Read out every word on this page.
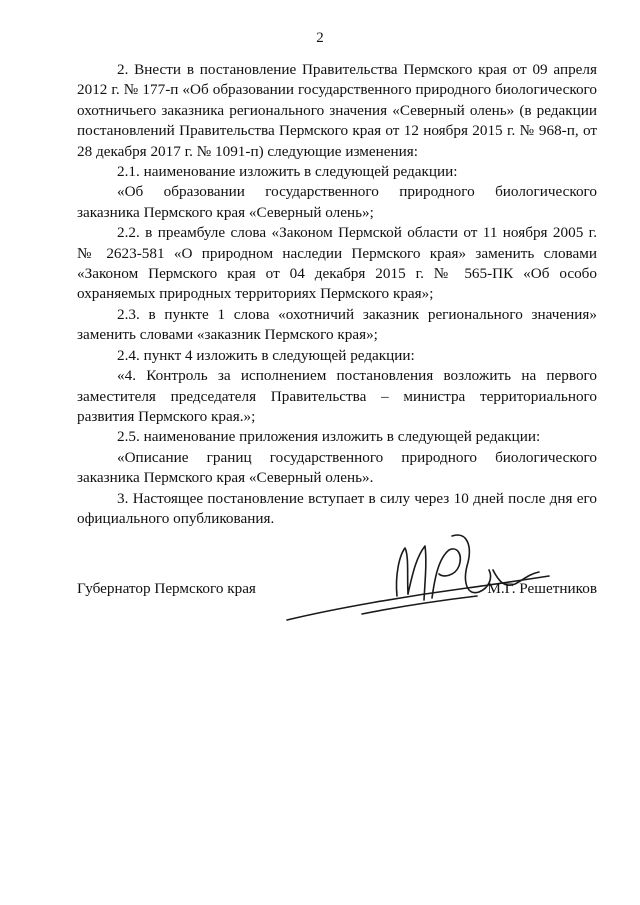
2

2. Внести в постановление Правительства Пермского края от 09 апреля 2012 г. № 177-п «Об образовании государственного природного биологического охотничьего заказника регионального значения «Северный олень» (в редакции постановлений Правительства Пермского края от 12 ноября 2015 г. № 968-п, от 28 декабря 2017 г. № 1091-п) следующие изменения:

2.1. наименование изложить в следующей редакции:

«Об образовании государственного природного биологического заказника Пермского края «Северный олень»;

2.2. в преамбуле слова «Законом Пермской области от 11 ноября 2005 г. № 2623-581 «О природном наследии Пермского края» заменить словами «Законом Пермского края от 04 декабря 2015 г. № 565-ПК «Об особо охраняемых природных территориях Пермского края»;

2.3. в пункте 1 слова «охотничий заказник регионального значения» заменить словами «заказник Пермского края»;

2.4. пункт 4 изложить в следующей редакции:

«4. Контроль за исполнением постановления возложить на первого заместителя председателя Правительства – министра территориального развития Пермского края.»;

2.5. наименование приложения изложить в следующей редакции:

«Описание границ государственного природного биологического заказника Пермского края «Северный олень».

3. Настоящее постановление вступает в силу через 10 дней после дня его официального опубликования.

Губернатор Пермского края	М.Г. Решетников
